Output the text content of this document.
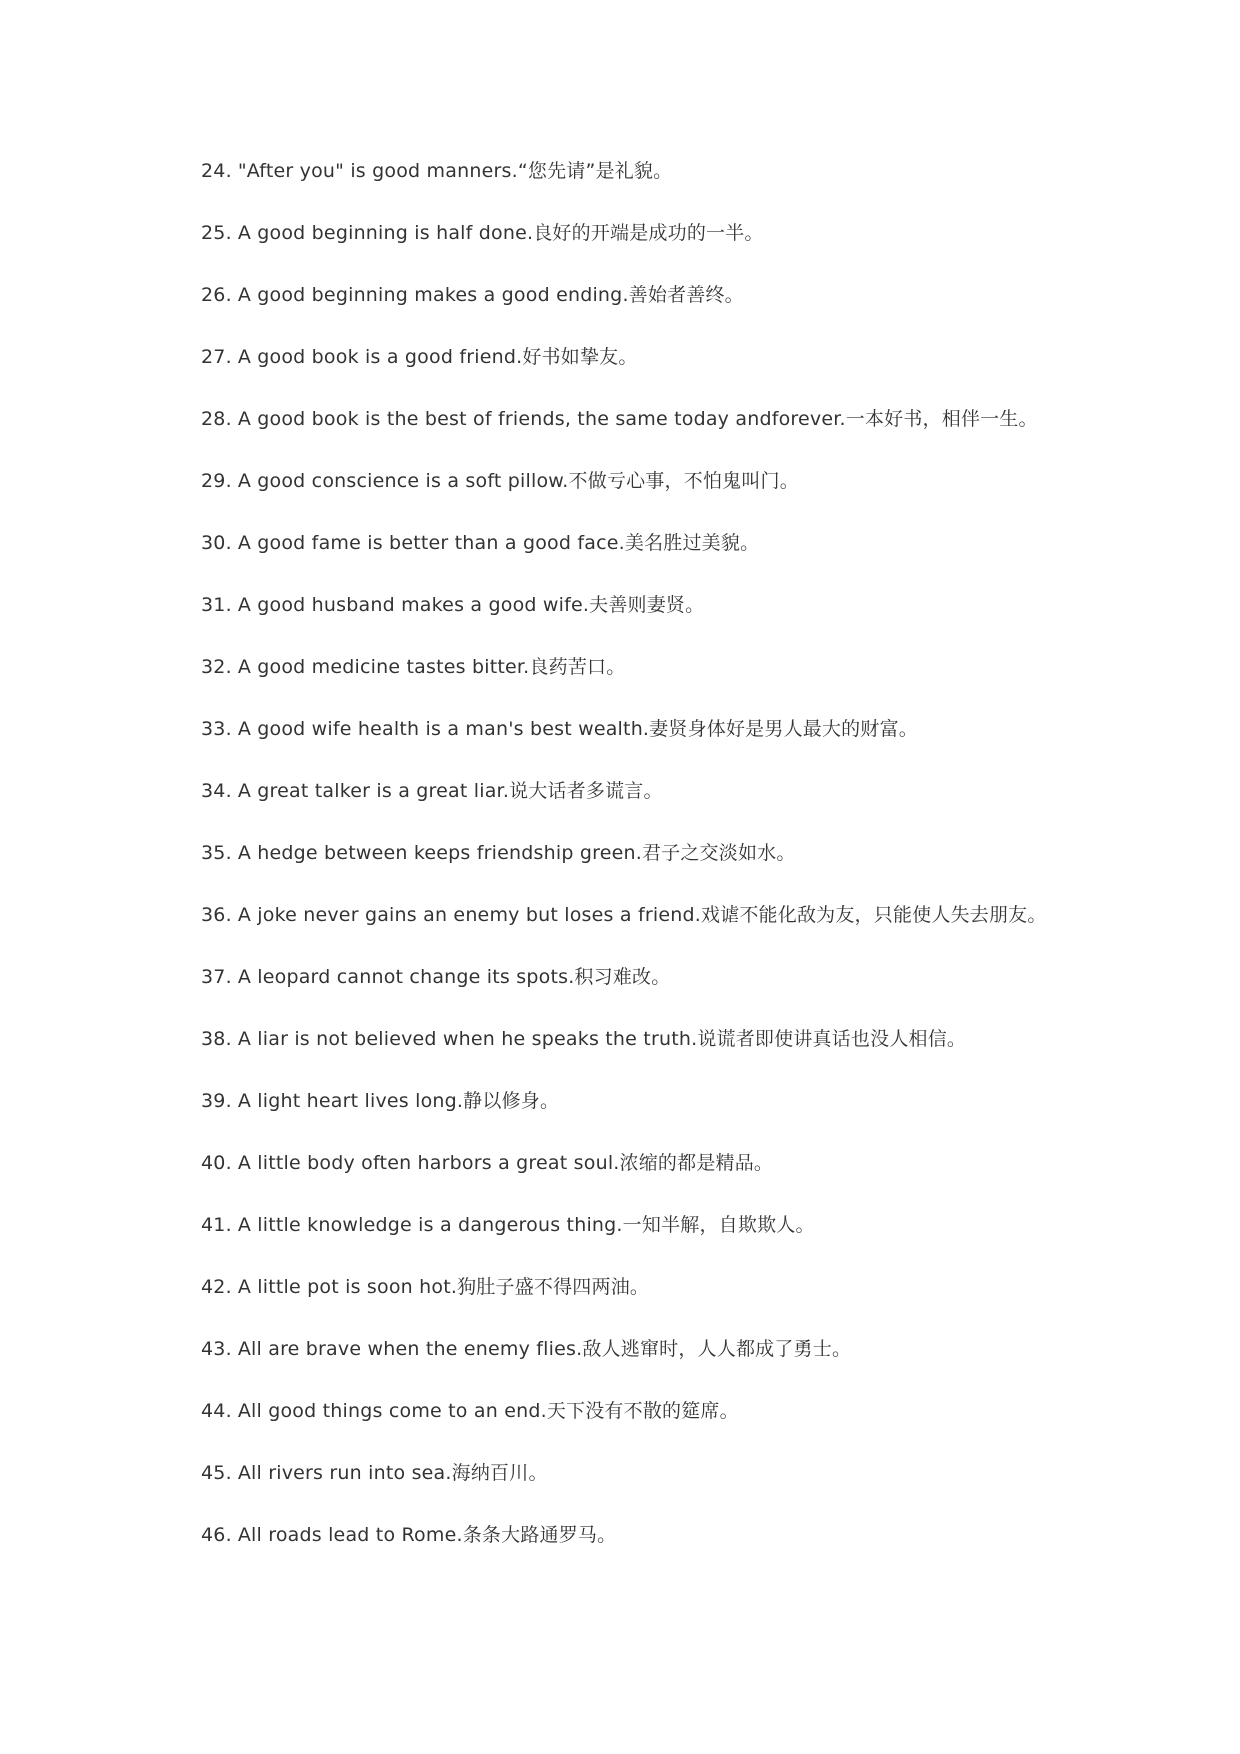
24. "After you" is good manners.“您先请”是礼貌。
25. A good beginning is half done.良好的开端是成功的一半。
26. A good beginning makes a good ending.善始者善终。
27. A good book is a good friend.好书如挚友。
28. A good book is the best of friends, the same today andforever.一本好书，相伴一生。
29. A good conscience is a soft pillow.不做亏心事，不怕鬼叫门。
30. A good fame is better than a good face.美名胜过美貌。
31. A good husband makes a good wife.夫善则妻贤。
32. A good medicine tastes bitter.良药苦口。
33. A good wife health is a man's best wealth.妻贤身体好是男人最大的财富。
34. A great talker is a great liar.说大话者多谎言。
35. A hedge between keeps friendship green.君子之交淡如水。
36. A joke never gains an enemy but loses a friend.戏谑不能化敌为友，只能使人失去朋友。
37. A leopard cannot change its spots.积习难改。
38. A liar is not believed when he speaks the truth.说谎者即使讲真话也没人相信。
39. A light heart lives long.静以修身。
40. A little body often harbors a great soul.浓缩的都是精品。
41. A little knowledge is a dangerous thing.一知半解，自欺欺人。
42. A little pot is soon hot.狗肚子盛不得四两油。
43. All are brave when the enemy flies.敌人逃窜时，人人都成了勇士。
44. All good things come to an end.天下没有不散的筵席。
45. All rivers run into sea.海纳百川。
46. All roads lead to Rome.条条大路通罗马。
